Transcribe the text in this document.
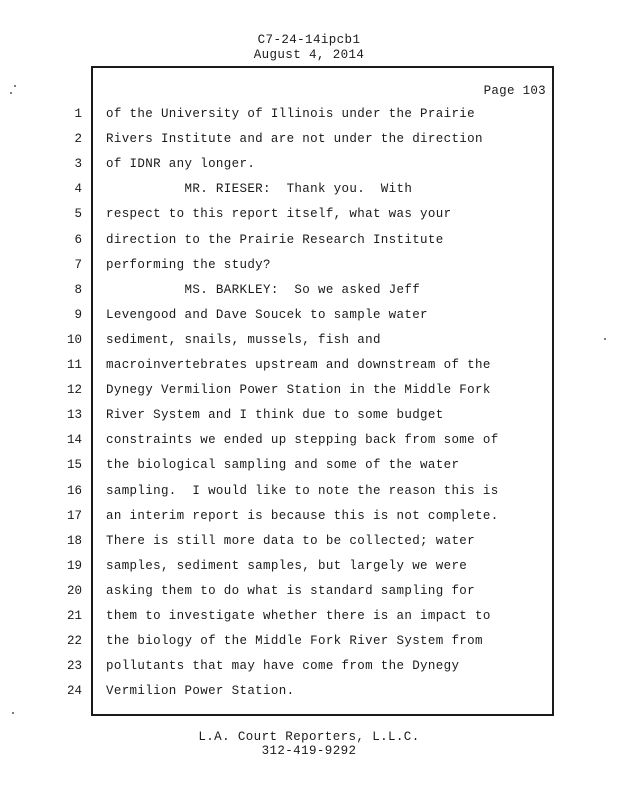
C7-24-14ipcb1
August 4, 2014
Page 103
1 of the University of Illinois under the Prairie
2 Rivers Institute and are not under the direction
3 of IDNR any longer.
4 MR. RIESER:  Thank you.  With
5 respect to this report itself, what was your
6 direction to the Prairie Research Institute
7 performing the study?
8 MS. BARKLEY:  So we asked Jeff
9 Levengood and Dave Soucek to sample water
10 sediment, snails, mussels, fish and
11 macroinvertebrates upstream and downstream of the
12 Dynegy Vermilion Power Station in the Middle Fork
13 River System and I think due to some budget
14 constraints we ended up stepping back from some of
15 the biological sampling and some of the water
16 sampling.  I would like to note the reason this is
17 an interim report is because this is not complete.
18 There is still more data to be collected; water
19 samples, sediment samples, but largely we were
20 asking them to do what is standard sampling for
21 them to investigate whether there is an impact to
22 the biology of the Middle Fork River System from
23 pollutants that may have come from the Dynegy
24 Vermilion Power Station.
L.A. Court Reporters, L.L.C.
312-419-9292
